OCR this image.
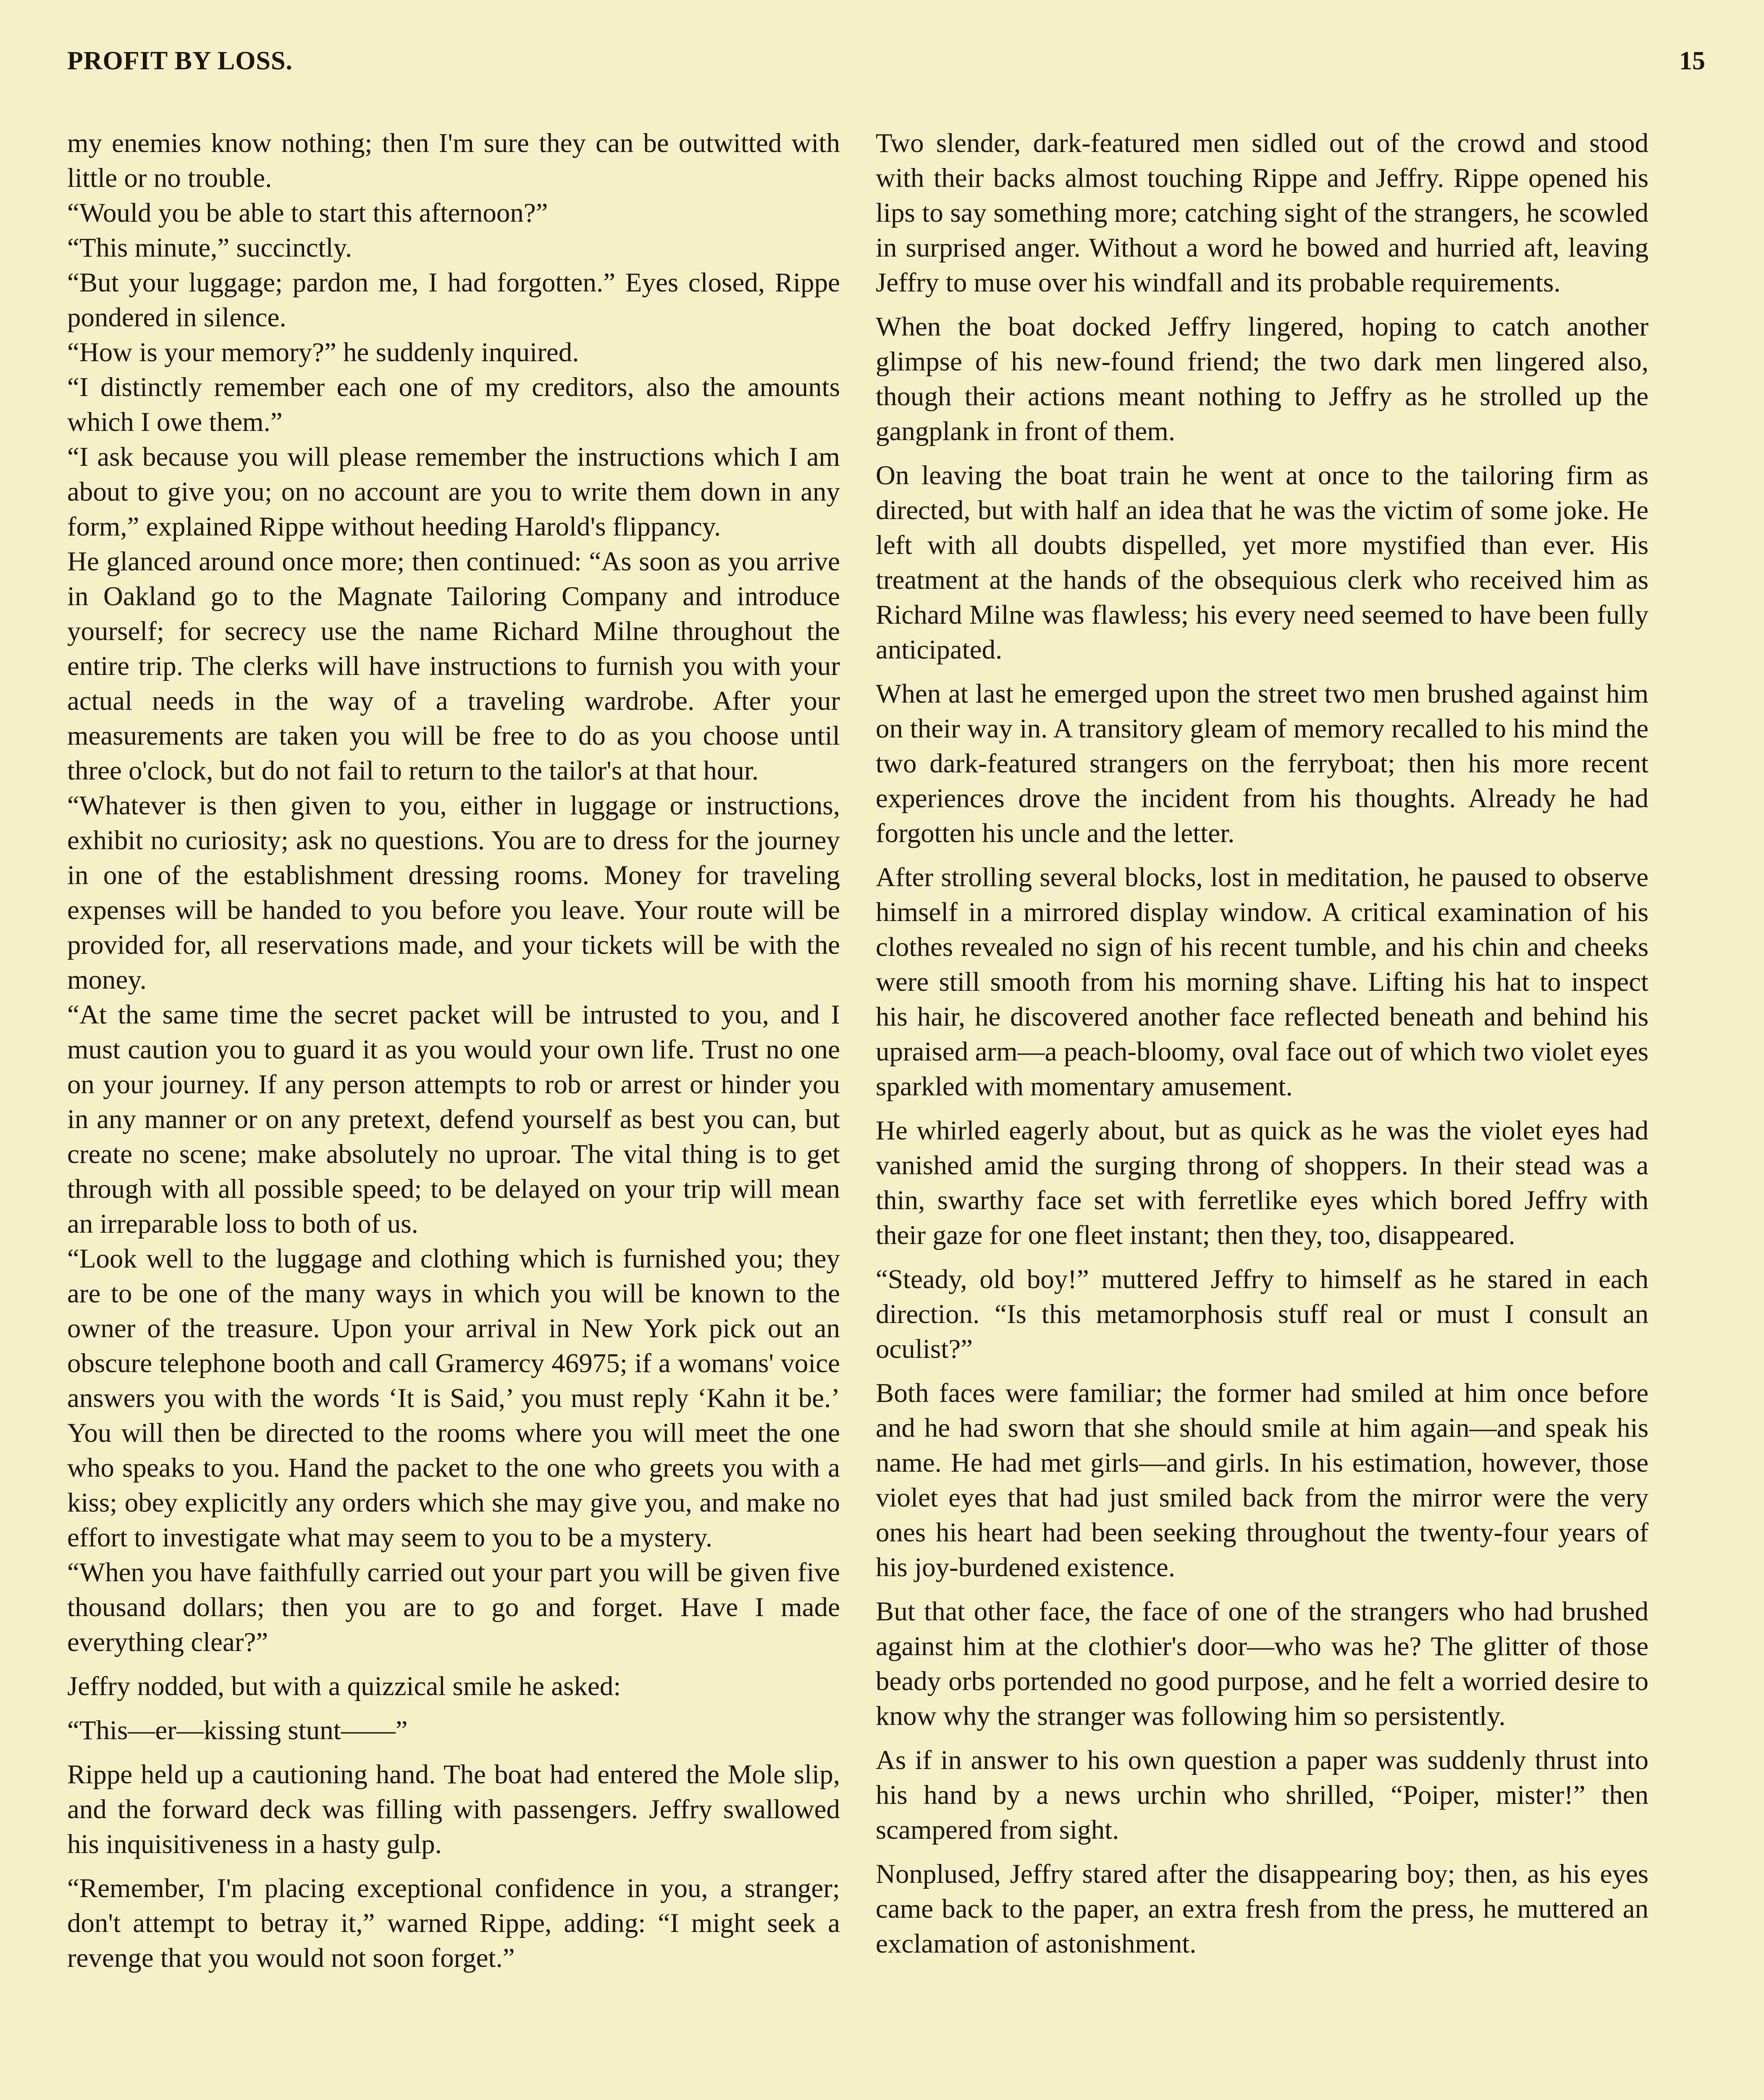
PROFIT BY LOSS.	15

my enemies know nothing; then I'm sure they can be outwitted with little or no trouble.

“Would you be able to start this afternoon?”

“This minute,” succinctly.

“But your luggage; pardon me, I had forgotten.” Eyes closed, Rippe pondered in silence.

“How is your memory?” he suddenly inquired.

“I distinctly remember each one of my creditors, also the amounts which I owe them.”

“I ask because you will please remember the instructions which I am about to give you; on no account are you to write them down in any form,” explained Rippe without heeding Harold's flippancy.

He glanced around once more; then continued: “As soon as you arrive in Oakland go to the Magnate Tailoring Company and introduce yourself; for secrecy use the name Richard Milne throughout the entire trip. The clerks will have instructions to furnish you with your actual needs in the way of a traveling wardrobe. After your measurements are taken you will be free to do as you choose until three o'clock, but do not fail to return to the tailor's at that hour.

“Whatever is then given to you, either in luggage or instructions, exhibit no curiosity; ask no questions. You are to dress for the journey in one of the establishment dressing rooms. Money for traveling expenses will be handed to you before you leave. Your route will be provided for, all reservations made, and your tickets will be with the money.

“At the same time the secret packet will be intrusted to you, and I must caution you to guard it as you would your own life. Trust no one on your journey. If any person attempts to rob or arrest or hinder you in any manner or on any pretext, defend yourself as best you can, but create no scene; make absolutely no uproar. The vital thing is to get through with all possible speed; to be delayed on your trip will mean an irreparable loss to both of us.

“Look well to the luggage and clothing which is furnished you; they are to be one of the many ways in which you will be known to the owner of the treasure. Upon your arrival in New York pick out an obscure telephone booth and call Gramercy 46975; if a womans' voice answers you with the words ‘It is Said,’ you must reply ‘Kahn it be.’ You will then be directed to the rooms where you will meet the one who speaks to you. Hand the packet to the one who greets you with a kiss; obey explicitly any orders which she may give you, and make no effort to investigate what may seem to you to be a mystery.

“When you have faithfully carried out your part you will be given five thousand dollars; then you are to go and forget. Have I made everything clear?”

Jeffry nodded, but with a quizzical smile he asked:

“This—er—kissing stunt——”

Rippe held up a cautioning hand. The boat had entered the Mole slip, and the forward deck was filling with passengers. Jeffry swallowed his inquisitiveness in a hasty gulp.

“Remember, I'm placing exceptional confidence in you, a stranger; don't attempt to betray it,” warned Rippe, adding: “I might seek a revenge that you would not soon forget.”

Two slender, dark-featured men sidled out of the crowd and stood with their backs almost touching Rippe and Jeffry. Rippe opened his lips to say something more; catching sight of the strangers, he scowled in surprised anger. Without a word he bowed and hurried aft, leaving Jeffry to muse over his windfall and its probable requirements.

When the boat docked Jeffry lingered, hoping to catch another glimpse of his new-found friend; the two dark men lingered also, though their actions meant nothing to Jeffry as he strolled up the gangplank in front of them.

On leaving the boat train he went at once to the tailoring firm as directed, but with half an idea that he was the victim of some joke. He left with all doubts dispelled, yet more mystified than ever. His treatment at the hands of the obsequious clerk who received him as Richard Milne was flawless; his every need seemed to have been fully anticipated.

When at last he emerged upon the street two men brushed against him on their way in. A transitory gleam of memory recalled to his mind the two dark-featured strangers on the ferryboat; then his more recent experiences drove the incident from his thoughts. Already he had forgotten his uncle and the letter.

After strolling several blocks, lost in meditation, he paused to observe himself in a mirrored display window. A critical examination of his clothes revealed no sign of his recent tumble, and his chin and cheeks were still smooth from his morning shave. Lifting his hat to inspect his hair, he discovered another face reflected beneath and behind his upraised arm—a peach-bloomy, oval face out of which two violet eyes sparkled with momentary amusement.

He whirled eagerly about, but as quick as he was the violet eyes had vanished amid the surging throng of shoppers. In their stead was a thin, swarthy face set with ferretlike eyes which bored Jeffry with their gaze for one fleet instant; then they, too, disappeared.

“Steady, old boy!” muttered Jeffry to himself as he stared in each direction. “Is this metamorphosis stuff real or must I consult an oculist?”

Both faces were familiar; the former had smiled at him once before and he had sworn that she should smile at him again—and speak his name. He had met girls—and girls. In his estimation, however, those violet eyes that had just smiled back from the mirror were the very ones his heart had been seeking throughout the twenty-four years of his joy-burdened existence.

But that other face, the face of one of the strangers who had brushed against him at the clothier's door—who was he? The glitter of those beady orbs portended no good purpose, and he felt a worried desire to know why the stranger was following him so persistently.

As if in answer to his own question a paper was suddenly thrust into his hand by a news urchin who shrilled, “Poiper, mister!” then scampered from sight.

Nonplused, Jeffry stared after the disappearing boy; then, as his eyes came back to the paper, an extra fresh from the press, he muttered an exclamation of astonishment.
